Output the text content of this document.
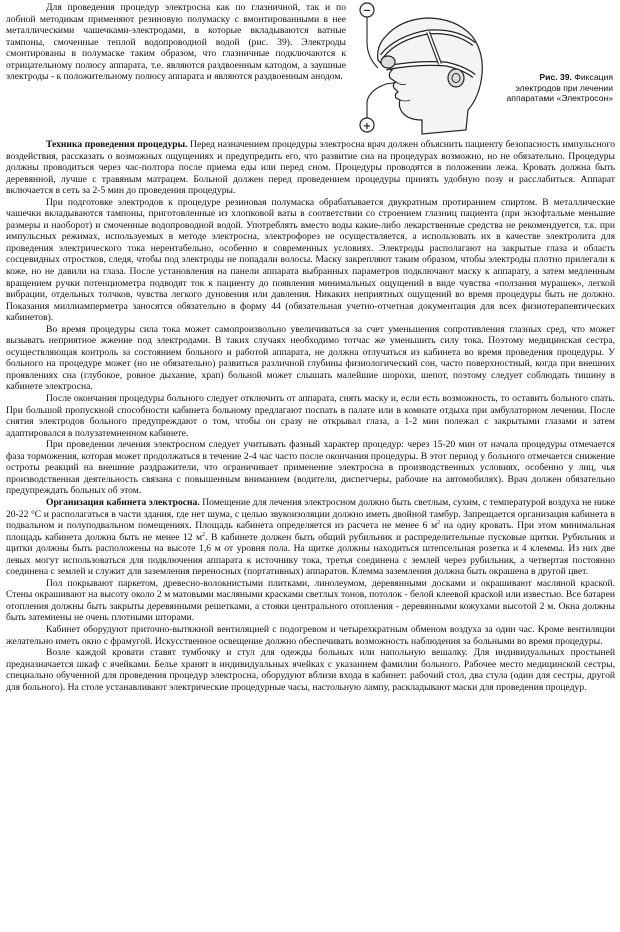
Для проведения процедур электросна как по глазничной, так и по лобной методикам применяют резиновую полумаску с вмонтированными в нее металлическими чашечками-электродами, в которые вкладываются ватные тампоны, смоченные теплой водопроводной водой (рис. 39). Электроды смонтированы в полумаске таким образом, что глазничные подключаются к отрицательному полюсу аппарата, т.е. являются раздвоенным катодом, а заушные электроды - к положительному полюсу аппарата и являются раздвоенным анодом.

−
+
Рис. 39. Фиксация электродов при лечении аппаратами «Электросон»

Техника проведения процедуры. Перед назначением процедуры электросна врач должен объяснить пациенту безопасность импульсного воздействия, рассказать о возможных ощущениях и предупредить его, что развитие сна на процедурах возможно, но не обязательно. Процедуры должны проводиться через час-полтора после приема еды или перед сном. Процедуры проводятся в положении лежа. Кровать должна быть деревянной, лучше с травяным матрацем. Больной должен перед проведением процедуры принять удобную позу и расслабиться. Аппарат включается в сеть за 2-5 мин до проведения процедуры.

При подготовке электродов к процедуре резиновая полумаска обрабатывается двукратным протиранием спиртом. В металлические чашечки вкладываются тампоны, приготовленные из хлопковой ваты в соответствии со строением глазниц пациента (при экзофтальме меньшие размеры и наоборот) и смоченные водопроводной водой. Употреблять вместо воды какие-либо лекарственные средства не рекомендуется, т.к. при импульсных режимах, используемых в методе электросна, электрофорез не осуществляется, а использовать их в качестве электролита для проведения электрического тока нерентабельно, особенно в современных условиях. Электроды располагают на закрытые глаза и область сосцевидных отростков, следя, чтобы под электроды не попадали волосы. Маску закрепляют таким образом, чтобы электроды плотно прилегали к коже, но не давили на глаза. После установления на панели аппарата выбранных параметров подключают маску к аппарату, а затем медленным вращением ручки потенциометра подводят ток к пациенту до появления минимальных ощущений в виде чувства «ползания мурашек», легкой вибрации, отдельных толчков, чувства легкого дуновения или давления. Никаких неприятных ощущений во время процедуры быть не должно. Показания миллиамперметра заносятся обязательно в форму 44 (обязательная учетно-отчетная документация для всех физиотерапевтических кабинетов).

Во время процедуры сила тока может самопроизвольно увеличиваться за счет уменьшения сопротивления глазных сред, что может вызывать неприятное жжение под электродами. В таких случаях необходимо тотчас же уменьшить силу тока. Поэтому медицинская сестра, осуществляющая контроль за состоянием больного и работой аппарата, не должна отлучаться из кабинета во время проведения процедуры. У больного на процедуре может (но не обязательно) развиться различной глубины физиологический сон, часто поверхностный, когда при внешних проявлениях сна (глубокое, ровное дыхание, храп) больной может слышать малейшие шорохи, шепот, поэтому следует соблюдать тишину в кабинете электросна.

После окончания процедуры больного следует отключить от аппарата, снять маску и, если есть возможность, то оставить больного спать. При большой пропускной способности кабинета больному предлагают поспать в палате или в комнате отдыха при амбулаторном лечении. После снятия электродов больного предупреждают о том, чтобы он сразу не открывал глаза, а 1-2 мин полежал с закрытыми глазами и затем адаптировался в полузатемненном кабинете.

При проведении лечения электросном следует учитывать фазный характер процедур: через 15-20 мин от начала процедуры отмечается фаза торможения, которая может продолжаться в течение 2-4 час часто после окончания процедуры. В этот период у больного отмечается снижение остроты реакций на внешние раздражители, что ограничивает применение электросна в производственных условиях, особенно у лиц, чья производственная деятельность связана с повышенным вниманием (водители, диспетчеры, рабочие на автомобилях). Врач должен обязательно предупреждать больных об этом.

Организация кабинета электросна. Помещение для лечения электросном должно быть светлым, сухим, с температурой воздуха не ниже 20-22 °С и располагаться в части здания, где нет шума, с целью звукоизоляции должно иметь двойной тамбур. Запрещается организация кабинета в подвальном и полуподвальном помещениях. Площадь кабинета определяется из расчета не менее 6 $м^2$ на одну кровать. При этом минимальная площадь кабинета должна быть не менее 12 $м^2$. В кабинете должен быть общий рубильник и распределительные пусковые щитки. Рубильник и щитки должны быть расположены на высоте 1,6 м от уровня пола. На щитке должны находиться штепсельная розетка и 4 клеммы. Из них две левых могут использоваться для подключения аппарата к источнику тока, третья соединена с землей через рубильник, а четвертая постоянно соединена с землей и служит для заземления переносных (портативных) аппаратов. Клемма заземления должна быть окрашена в другой цвет.

Пол покрывают паркетом, древесно-волокнистыми плитками, линолеумом, деревянными досками и окрашивают масляной краской. Стены окрашивают на высоту около 2 м матовыми масляными красками светлых тонов, потолок - белой клеевой краской или известью. Все батареи отопления должны быть закрыты деревянными решетками, а стояки центрального отопления - деревянными кожухами высотой 2 м. Окна должны быть затемнены не очень плотными шторами.

Кабинет оборудуют приточно-вытяжной вентиляцией с подогревом и четырехкратным обменом воздуха за один час. Кроме вентиляции желательно иметь окно с фрамугой. Искусственное освещение должно обеспечивать возможность наблюдения за больными во время процедуры.

Возле каждой кровати ставят тумбочку и стул для одежды больных или напольную вешалку. Для индивидуальных простыней предназначается шкаф с ячейками. Белье хранят в индивидуальных ячейках с указанием фамилии больного. Рабочее место медицинской сестры, специально обученной для проведения процедур электросна, оборудуют вблизи входа в кабинет: рабочий стол, два стула (один для сестры, другой для больного). На столе устанавливают электрические процедурные часы, настольную лампу, раскладывают маски для проведения процедур.
